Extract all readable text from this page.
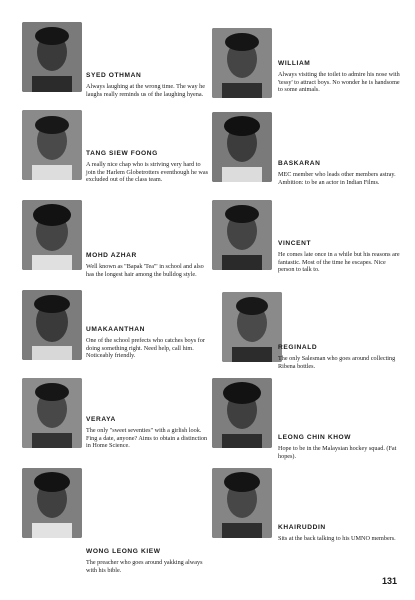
SYED OTHMAN

Always laughing at the wrong time. The way he laughs really reminds us of the laughing hyena.

TANG SIEW FOONG

A really nice chap who is striving very hard to join the Harlem Globetrotters eventhough he was excluded out of the class team.

MOHD AZHAR

Well known as "Bapak 'Tea'" in school and also has the longest hair among the bulldog style.

UMAKAANTHAN

One of the school prefects who catches boys for doing something right. Need help, call him. Noticeably friendly.

VERAYA

The only "sweet seventies" with a girlish look. Fing a date, anyone? Aims to obtain a distinction in Home Science.

WONG LEONG KIEW

The preacher who goes around yakking always with his bible.

WILLIAM

Always visiting the toilet to admire his nose with 'tessy' to attract boys. No wonder he is handsome to some animals.

BASKARAN

MEC member who leads other members astray. Ambition: to be an actor in Indian Films.

VINCENT

He comes late once in a while but his reasons are fantastic. Most of the time he escapes. Nice person to talk to.

REGINALD

The only Salesman who goes around collecting Ribena bottles.

LEONG CHIN KHOW

Hope to be in the Malaysian hockey squad. (Fat hopes).

KHAIRUDDIN

Sits at the back talking to his UMNO members.

131
